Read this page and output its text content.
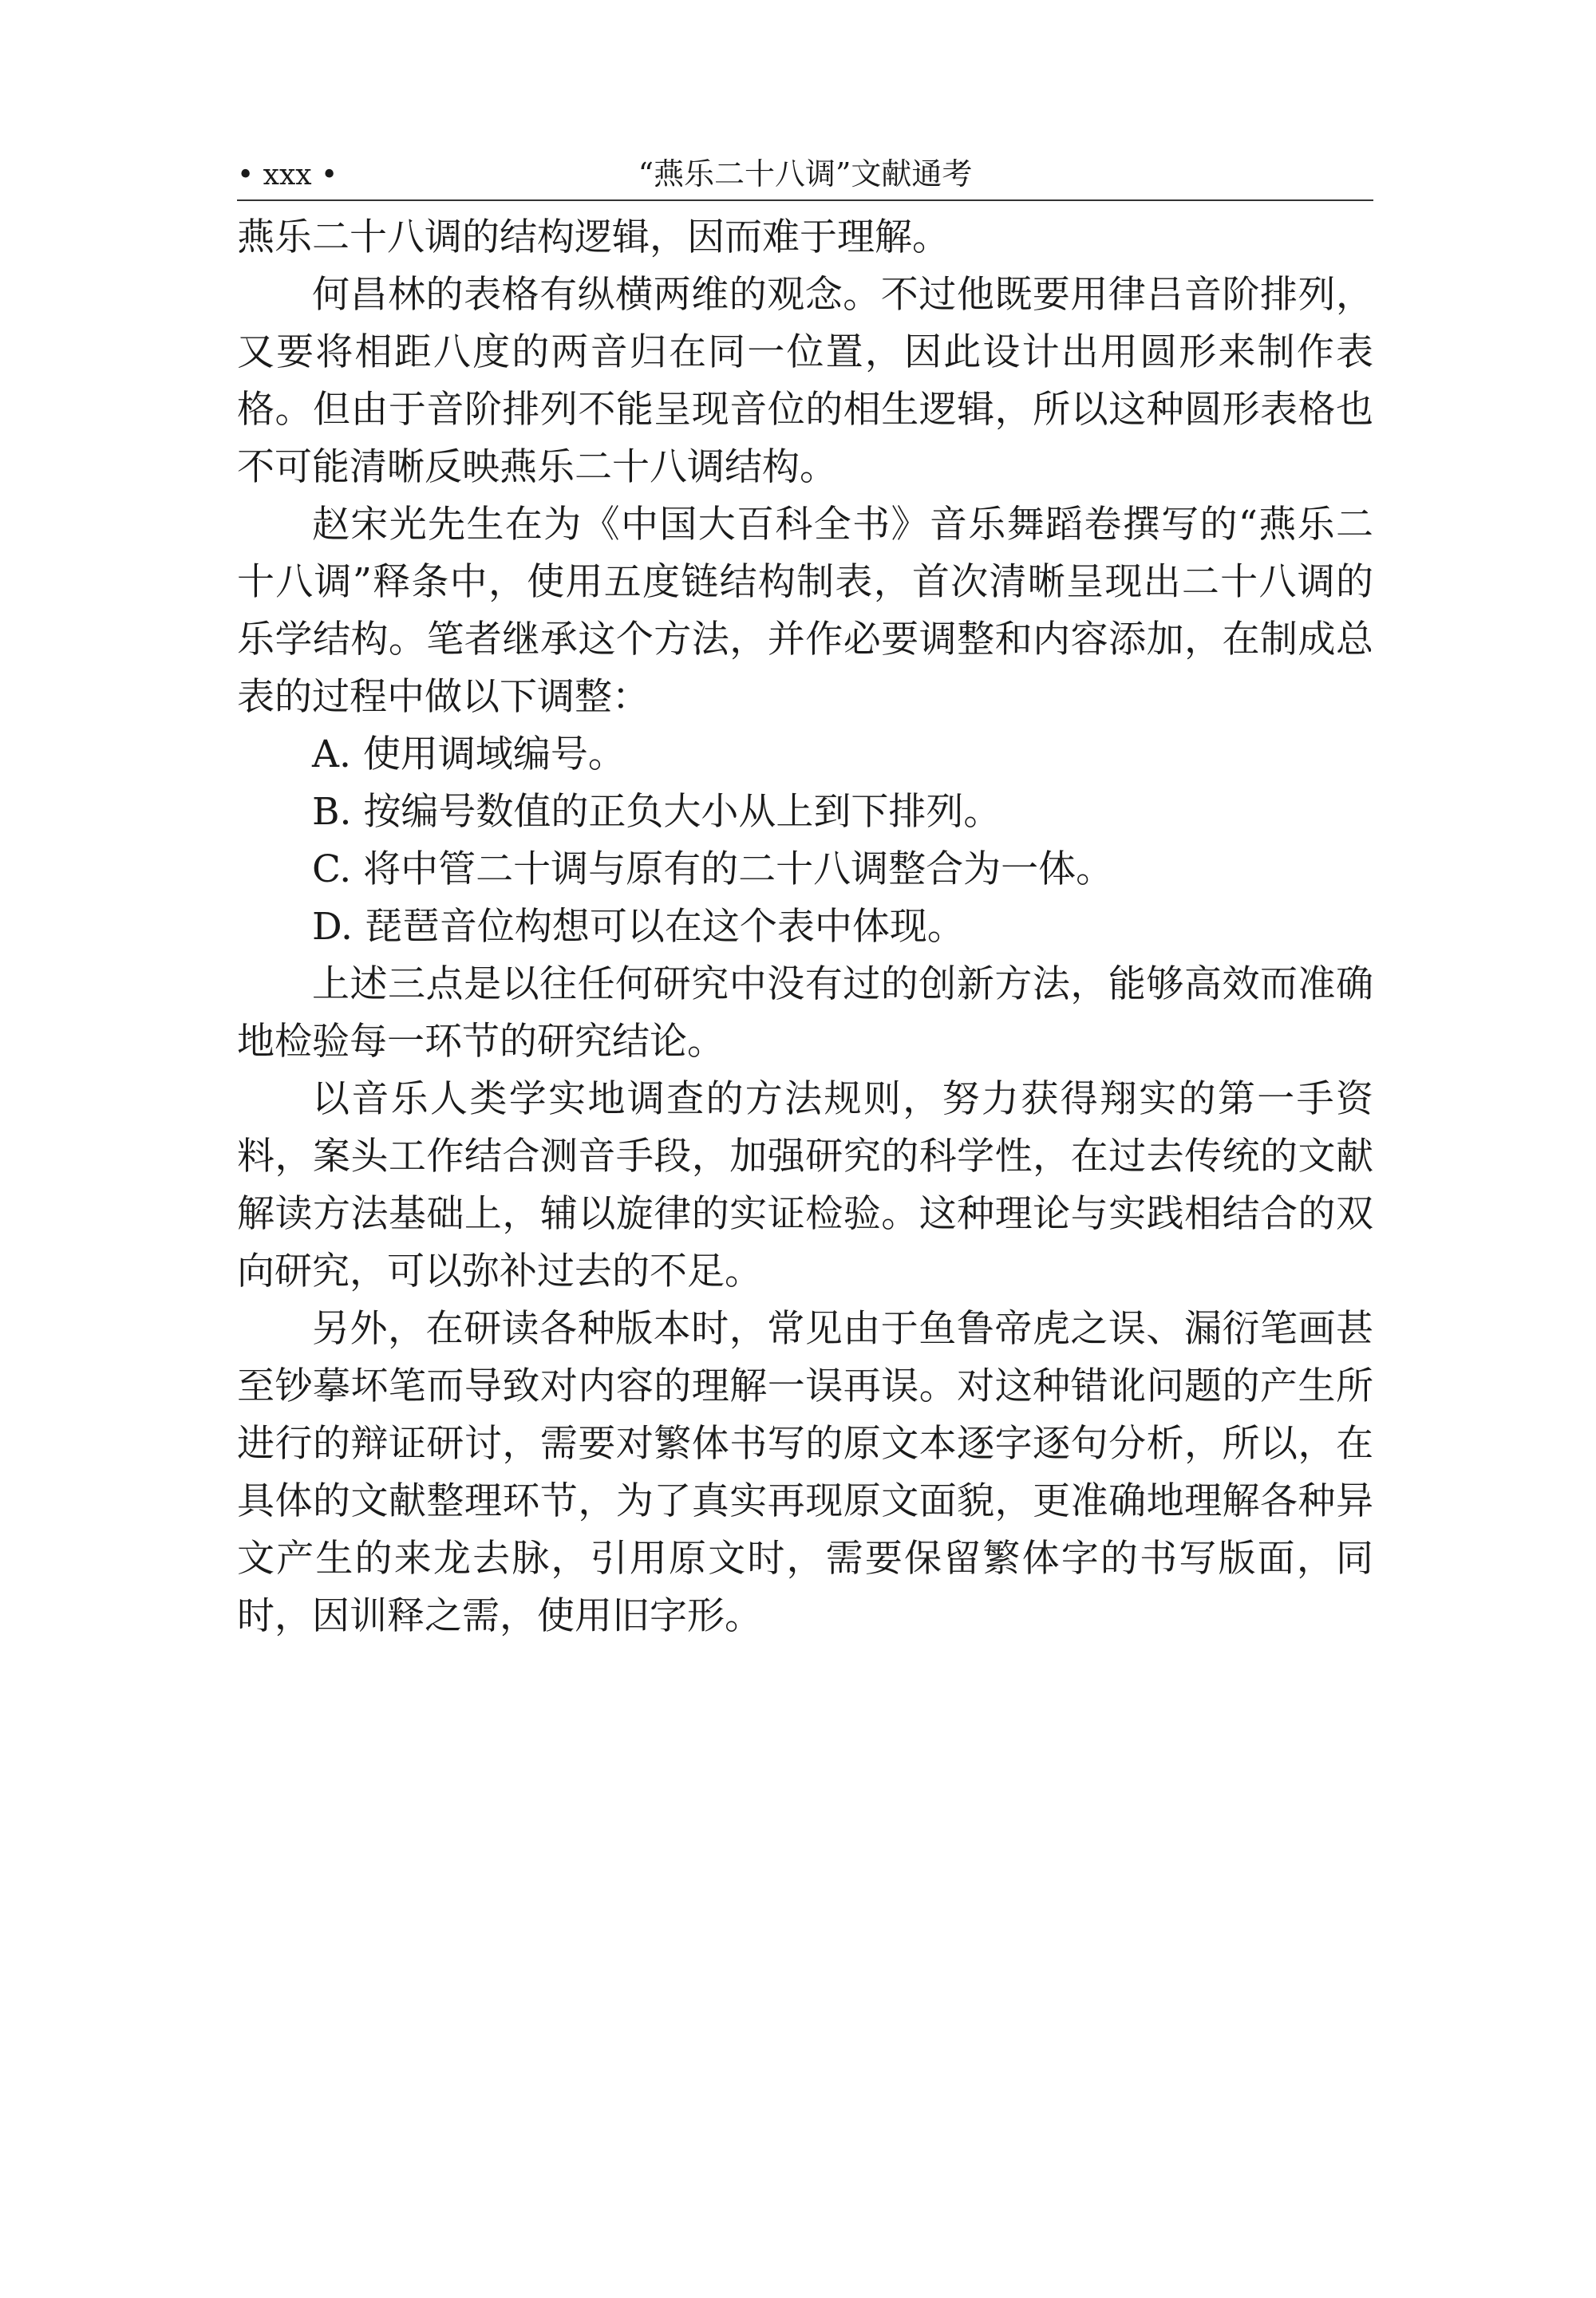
• xxx •	“燕乐二十八调”文献通考

燕乐二十八调的结构逻辑，因而难于理解。

何昌林的表格有纵横两维的观念。不过他既要用律吕音阶排列，又要将相距八度的两音归在同一位置，因此设计出用圆形来制作表格。但由于音阶排列不能呈现音位的相生逻辑，所以这种圆形表格也不可能清晰反映燕乐二十八调结构。

赵宋光先生在为《中国大百科全书》音乐舞蹈卷撰写的“燕乐二十八调”释条中，使用五度链结构制表，首次清晰呈现出二十八调的乐学结构。笔者继承这个方法，并作必要调整和内容添加，在制成总表的过程中做以下调整：

A. 使用调域编号。

B. 按编号数值的正负大小从上到下排列。

C. 将中管二十调与原有的二十八调整合为一体。

D. 琵琶音位构想可以在这个表中体现。

上述三点是以往任何研究中没有过的创新方法，能够高效而准确地检验每一环节的研究结论。

以音乐人类学实地调查的方法规则，努力获得翔实的第一手资料，案头工作结合测音手段，加强研究的科学性，在过去传统的文献解读方法基础上，辅以旋律的实证检验。这种理论与实践相结合的双向研究，可以弥补过去的不足。

另外，在研读各种版本时，常见由于鱼鲁帝虎之误、漏衍笔画甚至钞摹坏笔而导致对内容的理解一误再误。对这种错讹问题的产生所进行的辩证研讨，需要对繁体书写的原文本逐字逐句分析，所以，在具体的文献整理环节，为了真实再现原文面貌，更准确地理解各种异文产生的来龙去脉，引用原文时，需要保留繁体字的书写版面，同时，因训释之需，使用旧字形。
